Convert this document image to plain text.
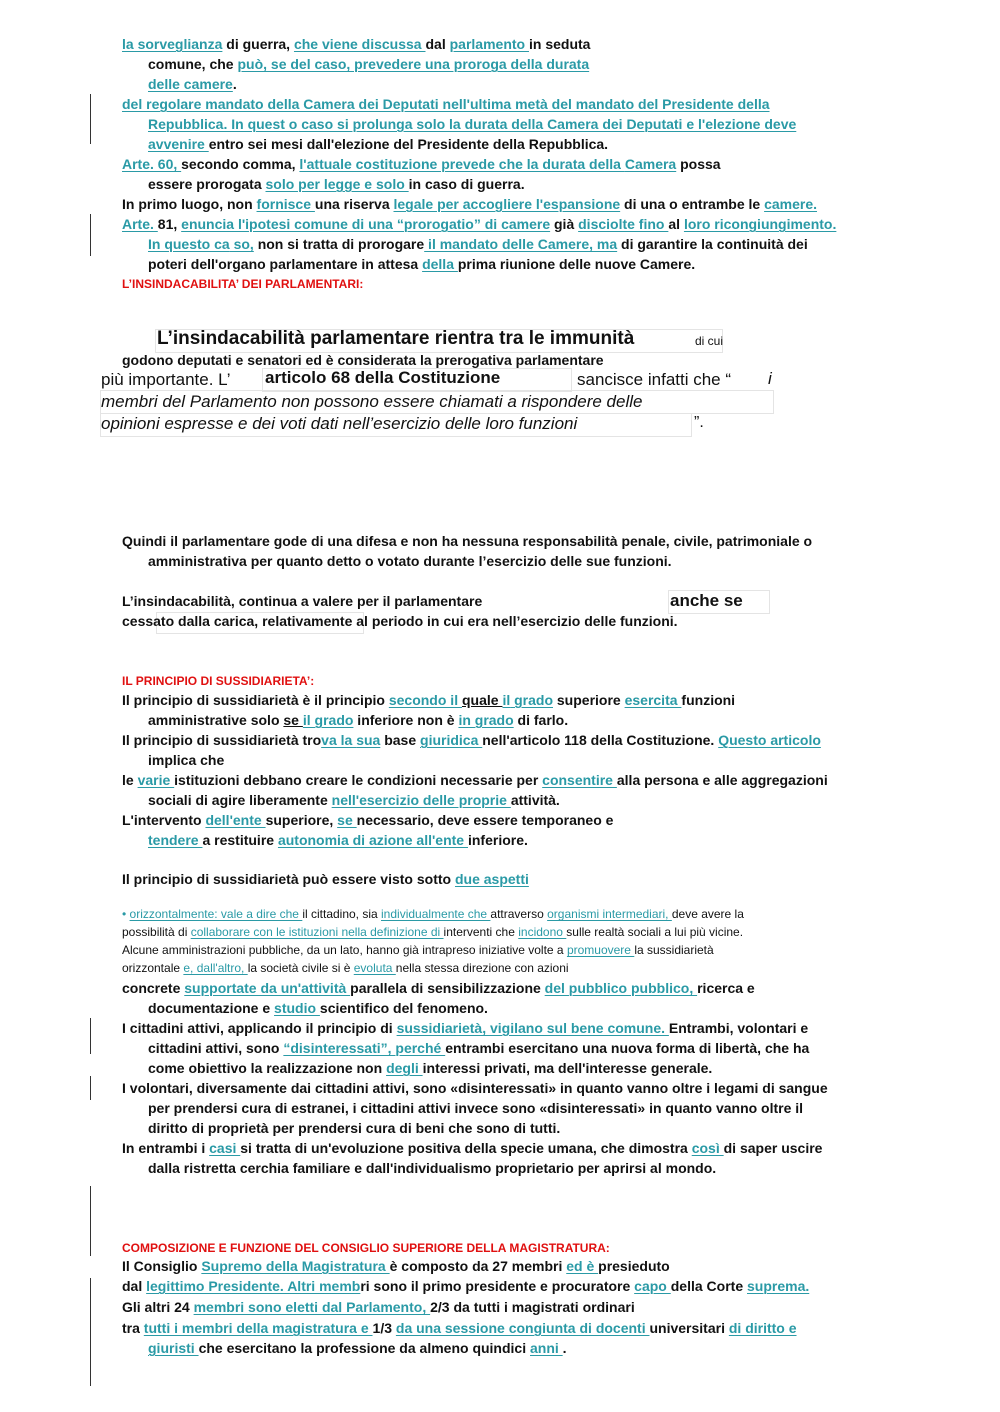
la sorveglianza di guerra, che viene discussa dal parlamento in seduta
comune, che può, se del caso, prevedere una proroga della durata
delle camere.
del regolare mandato della Camera dei Deputati nell'ultima metà del mandato del Presidente della
Repubblica. In quest o caso si prolunga solo la durata della Camera dei Deputati e l'elezione deve
avvenire entro sei mesi dall'elezione del Presidente della Repubblica.
Arte. 60, secondo comma, l'attuale costituzione prevede che la durata della Camera possa
essere prorogata solo per legge e solo in caso di guerra.
In primo luogo, non fornisce una riserva legale per accogliere l'espansione di una o entrambe le camere.
Arte. 81, enuncia l'ipotesi comune di una “prorogatio” di camere già disciolte fino al loro ricongiungimento.
In questo ca so, non si tratta di prorogare il mandato delle Camere, ma di garantire la continuità dei
poteri dell'organo parlamentare in attesa della prima riunione delle nuove Camere.
L’INSINDACABILITA’ DEI PARLAMENTARI:
L’insindacabilità parlamentare rientra tra le immunità	di cui
godono deputati e senatori ed è considerata la prerogativa parlamentare
più importante. L’ articolo 68 della Costituzione	sancisce infatti che “ i
membri del Parlamento non possono essere chiamati a rispondere delle
opinioni espresse e dei voti dati nell’esercizio delle loro funzioni	”.
Quindi il parlamentare gode di una difesa e non ha nessuna responsabilità penale, civile, patrimoniale o
amministrativa per quanto detto o votato durante l’esercizio delle sue funzioni.
L’insindacabilità, continua a valere per il parlamentare	anche se
cessato dalla carica, relativamente al periodo in cui era nell’esercizio delle funzioni.
IL PRINCIPIO DI SUSSIDIARIETA’:
Il principio di sussidiarietà è il principio secondo il quale il grado superiore esercita funzioni
amministrative solo se il grado inferiore non è in grado di farlo.
Il principio di sussidiarietà trova la sua base giuridica nell'articolo 118 della Costituzione. Questo articolo
implica che
le varie istituzioni debbano creare le condizioni necessarie per consentire alla persona e alle aggregazioni
sociali di agire liberamente nell'esercizio delle proprie attività.
L'intervento dell'ente superiore, se necessario, deve essere temporaneo e
tendere a restituire autonomia di azione all'ente inferiore.
Il principio di sussidiarietà può essere visto sotto due aspetti
• orizzontalmente: vale a dire che il cittadino, sia individualmente che attraverso organismi intermediari, deve avere la
possibilità di collaborare con le istituzioni nella definizione di interventi che incidono sulle realtà sociali a lui più vicine.
Alcune amministrazioni pubbliche, da un lato, hanno già intrapreso iniziative volte a promuovere la sussidiarietà
orizzontale e, dall'altro, la società civile si è evoluta nella stessa direzione con azioni
concrete supportate da un'attività parallela di sensibilizzazione del pubblico pubblico, ricerca e
documentazione e studio scientifico del fenomeno.
I cittadini attivi, applicando il principio di sussidiarietà, vigilano sul bene comune. Entrambi, volontari e
cittadini attivi, sono “disinteressati”, perché entrambi esercitano una nuova forma di libertà, che ha
come obiettivo la realizzazione non degli interessi privati, ma dell'interesse generale.
I volontari, diversamente dai cittadini attivi, sono «disinteressati» in quanto vanno oltre i legami di sangue
per prendersi cura di estranei, i cittadini attivi invece sono «disinteressati» in quanto vanno oltre il
diritto di proprietà per prendersi cura di beni che sono di tutti.
In entrambi i casi si tratta di un'evoluzione positiva della specie umana, che dimostra così di saper uscire
dalla ristretta cerchia familiare e dall'individualismo proprietario per aprirsi al mondo.
COMPOSIZIONE E FUNZIONE DEL CONSIGLIO SUPERIORE DELLA MAGISTRATURA:
Il Consiglio Supremo della Magistratura è composto da 27 membri ed è presieduto
dal legittimo Presidente. Altri membri sono il primo presidente e procuratore capo della Corte suprema.
Gli altri 24 membri sono eletti dal Parlamento, 2/3 da tutti i magistrati ordinari
tra tutti i membri della magistratura e 1/3 da una sessione congiunta di docenti universitari di diritto e
giuristi che esercitano la professione da almeno quindici anni .
